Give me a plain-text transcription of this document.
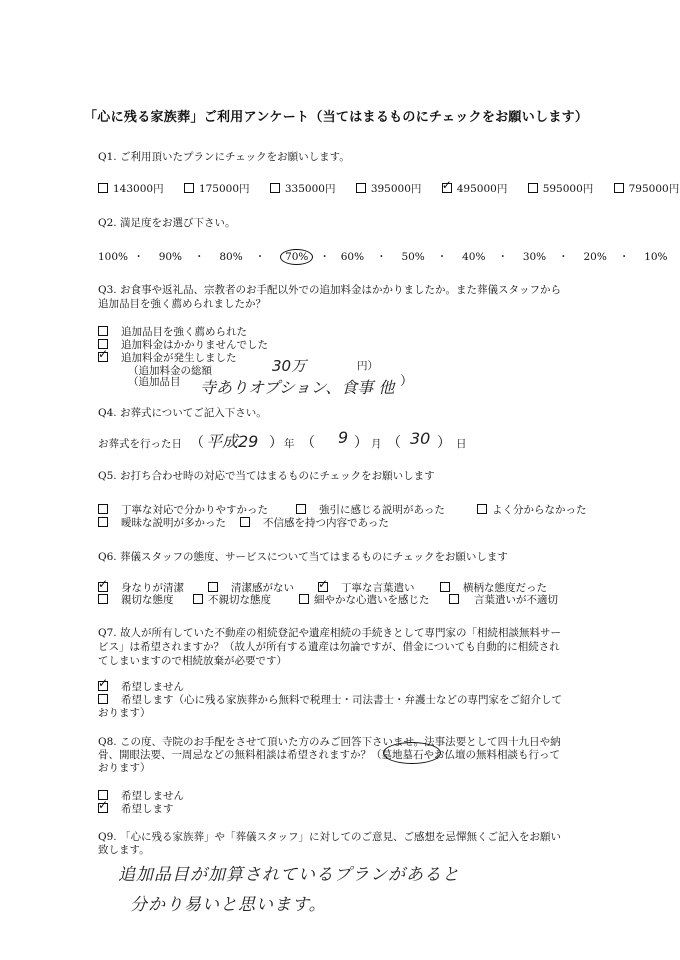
「心に残る家族葬」ご利用アンケート（当てはまるものにチェックをお願いします）
Q1. ご利用頂いたプランにチェックをお願いします。
143000円	175000円	335000円	395000円 ✓	495000円	595000円	795000円
Q2. 満足度をお選び下さい。
100% ・ 90% ・ 80% ・ 70% ・ 60% ・ 50% ・ 40% ・ 30% ・ 20% ・ 10%
Q3. お食事や返礼品、宗教者のお手配以外での追加料金はかかりましたか。また葬儀スタッフから
追加品目を強く薦められましたか？
追加品目を強く薦められた
追加料金はかかりませんでした
✓追加料金が発生しました
（追加料金の総額	30万	円）
（追加品目 寺ありオプション、食事 他 ）
Q4. お葬式についてご記入下さい。
お葬式を行った日 （ 平成29 ） 年 （ 9 ） 月 （ 30 ） 日
Q5. お打ち合わせ時の対応で当てはまるものにチェックをお願いします
丁寧な対応で分かりやすかった	強引に感じる説明があった	よく分からなかった
曖昧な説明が多かった	不信感を持つ内容であった
Q6. 葬儀スタッフの態度、サービスについて当てはまるものにチェックをお願いします
✓身なりが清潔	清潔感がない ✓	丁寧な言葉遣い	横柄な態度だった
親切な態度	不親切な態度	細やかな心遣いを感じた	言葉遣いが不適切
Q7. 故人が所有していた不動産の相続登記や遺産相続の手続きとして専門家の「相続相談無料サー
ビス」は希望されますか？（故人が所有する遺産は勿論ですが、借金についても自動的に相続され
てしまいますので相続放棄が必要です）
✓希望しません
希望します（心に残る家族葬から無料で税理士・司法書士・弁護士などの専門家をご紹介して
おります）
Q8. この度、寺院のお手配をさせて頂いた方のみご回答下さいませ。法事法要として四十九日や納
骨、開眼法要、一周忌などの無料相談は希望されますか？（墓地墓石やお仏壇の無料相談も行って
おります）
希望しません
✓希望します
Q9. 「心に残る家族葬」や「葬儀スタッフ」に対してのご意見、ご感想を忌憚無くご記入をお願い
致します。
追加品目が加算されているプランがあると
分かり易いと思います。
